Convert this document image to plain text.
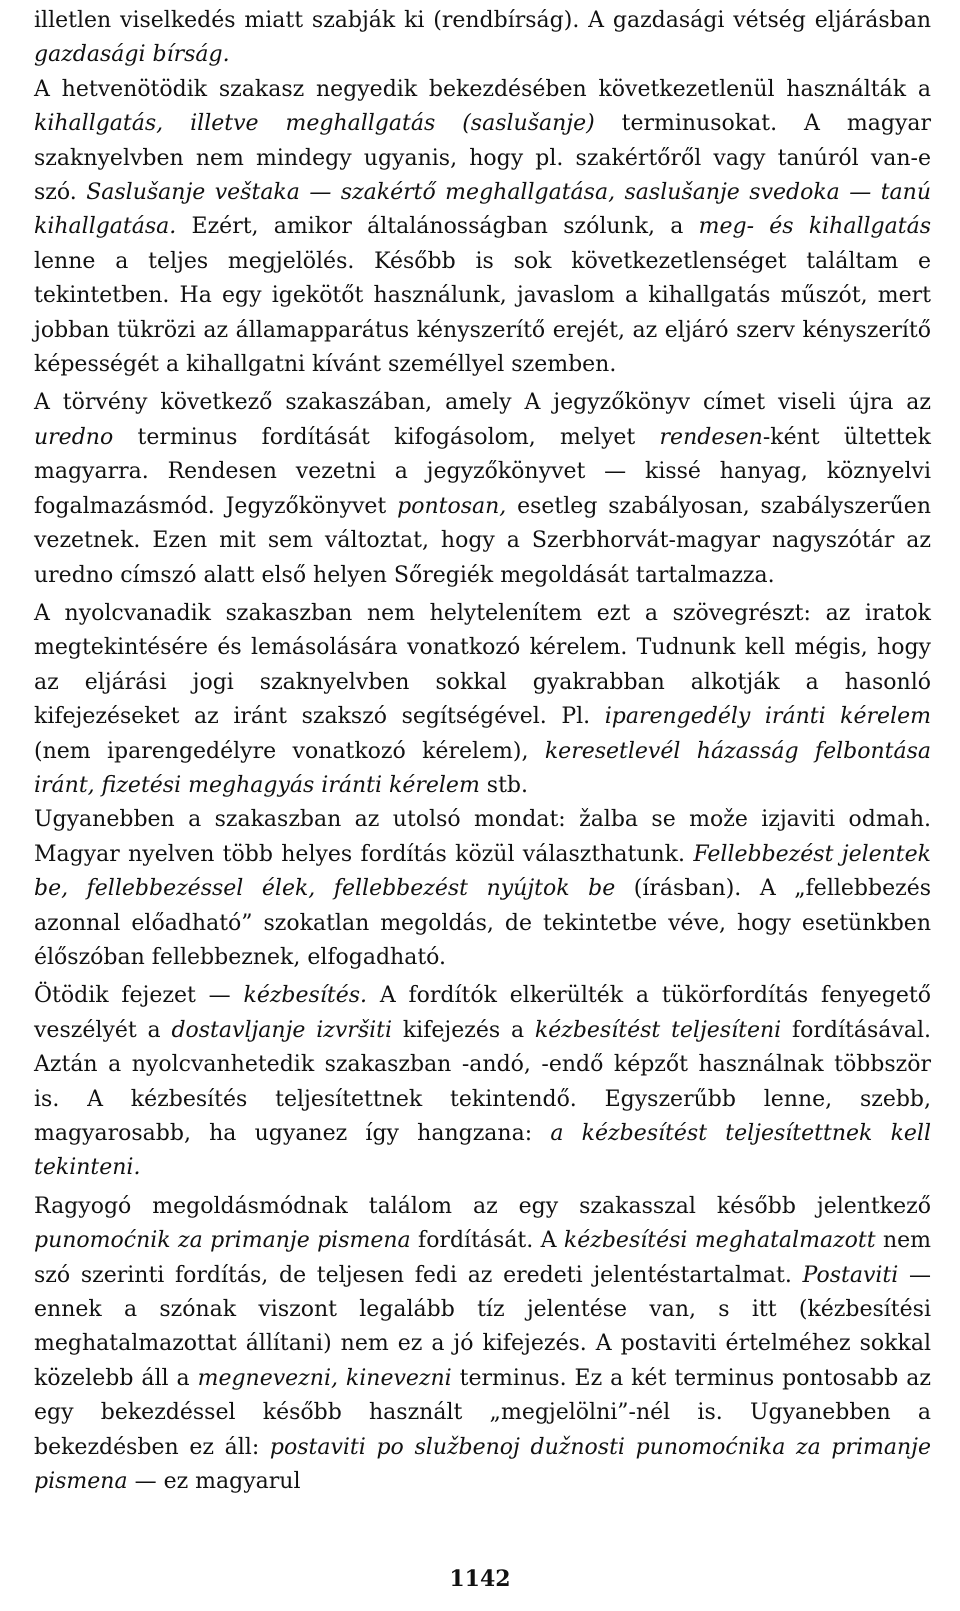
illetlen viselkedés miatt szabják ki (rendbírság). A gazdasági vétség eljárásban gazdasági bírság.

A hetvenötödik szakasz negyedik bekezdésében következetlenül használták a kihallgatás, illetve meghallgatás (saslušanje) terminusokat. A magyar szaknyelvben nem mindegy ugyanis, hogy pl. szakértőről vagy tanúról van-e szó. Saslušanje veštaka — szakértő meghallgatása, saslušanje svedoka — tanú kihallgatása. Ezért, amikor általánosságban szólunk, a meg- és kihallgatás lenne a teljes megjelölés. Később is sok következetlenséget találtam e tekintetben. Ha egy igekötőt használunk, javaslom a kihallgatás műszót, mert jobban tükrözi az államapparátus kényszerítő erejét, az eljáró szerv kényszerítő képességét a kihallgatni kívánt személlyel szemben.

A törvény következő szakaszában, amely A jegyzőkönyv címet viseli újra az uredno terminus fordítását kifogásolom, melyet rendesen-ként ültettek magyarra. Rendesen vezetni a jegyzőkönyvet — kissé hanyag, köznyelvi fogalmazásmód. Jegyzőkönyvet pontosan, esetleg szabályosan, szabályszerűen vezetnek. Ezen mit sem változtat, hogy a Szerbhorvát-magyar nagyszótár az uredno címszó alatt első helyen Sőregiék megoldását tartalmazza.

A nyolcvanadik szakaszban nem helytelenítem ezt a szövegrészt: az iratok megtekintésére és lemásolására vonatkozó kérelem. Tudnunk kell mégis, hogy az eljárási jogi szaknyelvben sokkal gyakrabban alkotják a hasonló kifejezéseket az iránt szakszó segítségével. Pl. iparengedély iránti kérelem (nem iparengedélyre vonatkozó kérelem), keresetlevél házasság felbontása iránt, fizetési meghagyás iránti kérelem stb.

Ugyanebben a szakaszban az utolsó mondat: žalba se može izjaviti odmah. Magyar nyelven több helyes fordítás közül választhatunk. Fellebbezést jelentek be, fellebbezéssel élek, fellebbezést nyújtok be (írásban). A „fellebbezés azonnal előadható” szokatlan megoldás, de tekintetbe véve, hogy esetünkben élőszóban fellebbeznek, elfogadható.

Ötödik fejezet — kézbesítés. A fordítók elkerülték a tükörfordítás fenyegető veszélyét a dostavljanje izvršiti kifejezés a kézbesítést teljesíteni fordításával. Aztán a nyolcvanhetedik szakaszban -andó, -endő képzőt használnak többször is. A kézbesítés teljesítettnek tekintendő. Egyszerűbb lenne, szebb, magyarosabb, ha ugyanez így hangzana: a kézbesítést teljesítettnek kell tekinteni.

Ragyogó megoldásmódnak találom az egy szakasszal később jelentkező punomoćnik za primanje pismena fordítását. A kézbesítési meghatalmazott nem szó szerinti fordítás, de teljesen fedi az eredeti jelentéstartalmat. Postaviti — ennek a szónak viszont legalább tíz jelentése van, s itt (kézbesítési meghatalmazottat állítani) nem ez a jó kifejezés. A postaviti értelméhez sokkal közelebb áll a megnevezni, kinevezni terminus. Ez a két terminus pontosabb az egy bekezdéssel később használt „megjelölni”-nél is. Ugyanebben a bekezdésben ez áll: postaviti po službenoj dužnosti punomoćnika za primanje pismena — ez magyarul

1142
